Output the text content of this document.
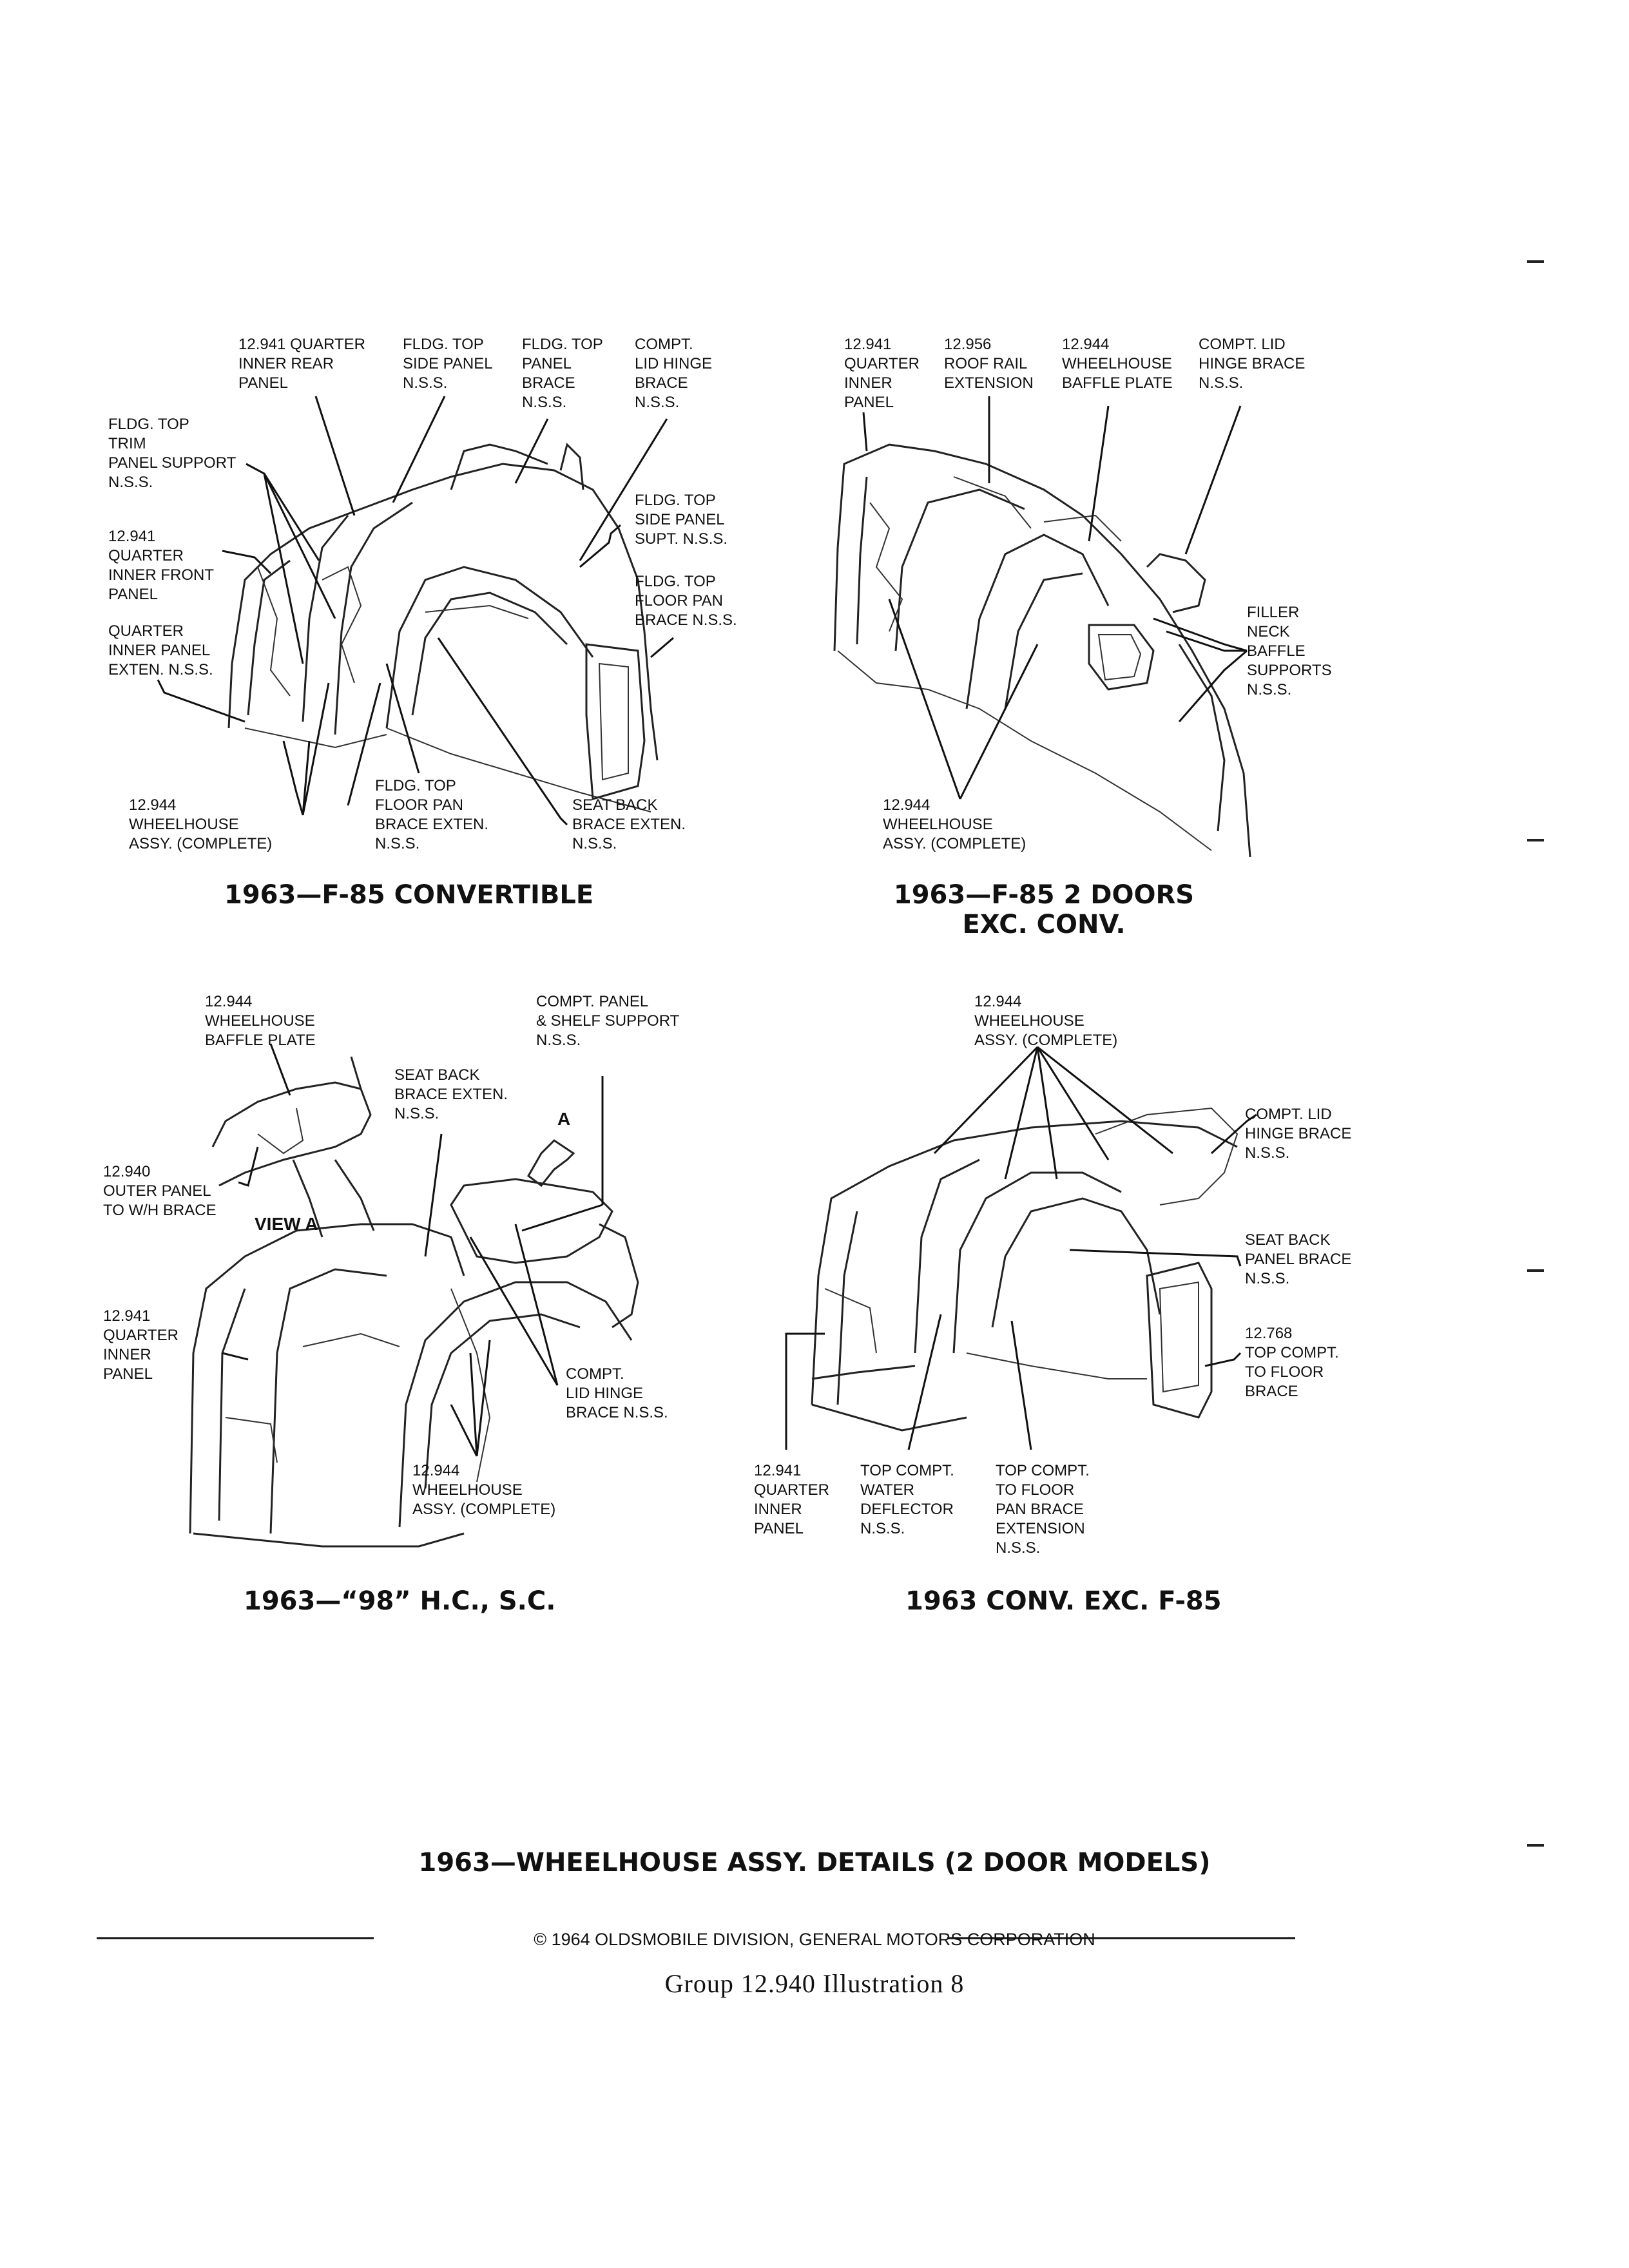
12.941 QUARTER
INNER REAR
PANEL
FLDG. TOP
SIDE PANEL
N.S.S.
FLDG. TOP
PANEL
BRACE
N.S.S.
COMPT.
LID HINGE
BRACE
N.S.S.
FLDG. TOP
TRIM
PANEL SUPPORT
N.S.S.
12.941
QUARTER
INNER FRONT
PANEL
QUARTER
INNER PANEL
EXTEN. N.S.S.
FLDG. TOP
SIDE PANEL
SUPT. N.S.S.
FLDG. TOP
FLOOR PAN
BRACE N.S.S.
12.944
WHEELHOUSE
ASSY. (COMPLETE)
FLDG. TOP
FLOOR PAN
BRACE EXTEN.
N.S.S.
SEAT BACK
BRACE EXTEN.
N.S.S.
1963—F-85 CONVERTIBLE
12.941
QUARTER
INNER
PANEL
12.956
ROOF RAIL
EXTENSION
12.944
WHEELHOUSE
BAFFLE PLATE
COMPT. LID
HINGE BRACE
N.S.S.
FILLER
NECK
BAFFLE
SUPPORTS
N.S.S.
12.944
WHEELHOUSE
ASSY. (COMPLETE)
1963—F-85 2 DOORS
EXC. CONV.
12.944
WHEELHOUSE
BAFFLE PLATE
COMPT. PANEL
& SHELF SUPPORT
N.S.S.
SEAT BACK
BRACE EXTEN.
N.S.S.
12.940
OUTER PANEL
TO W/H BRACE
VIEW A
A
12.941
QUARTER
INNER
PANEL	COMPT.
LID HINGE
BRACE N.S.S.
12.944
WHEELHOUSE
ASSY. (COMPLETE)
1963—“98” H.C., S.C.
12.944
WHEELHOUSE
ASSY. (COMPLETE)
COMPT. LID
HINGE BRACE
N.S.S.
SEAT BACK
PANEL BRACE
N.S.S.
12.768
TOP COMPT.
TO FLOOR
BRACE
12.941
QUARTER
INNER
PANEL
TOP COMPT.
WATER
DEFLECTOR
N.S.S.
TOP COMPT.
TO FLOOR
PAN BRACE
EXTENSION
N.S.S.
1963 CONV. EXC. F-85
1963—WHEELHOUSE ASSY. DETAILS (2 DOOR MODELS)
© 1964 OLDSMOBILE DIVISION, GENERAL MOTORS CORPORATION
Group 12.940 Illustration 8
